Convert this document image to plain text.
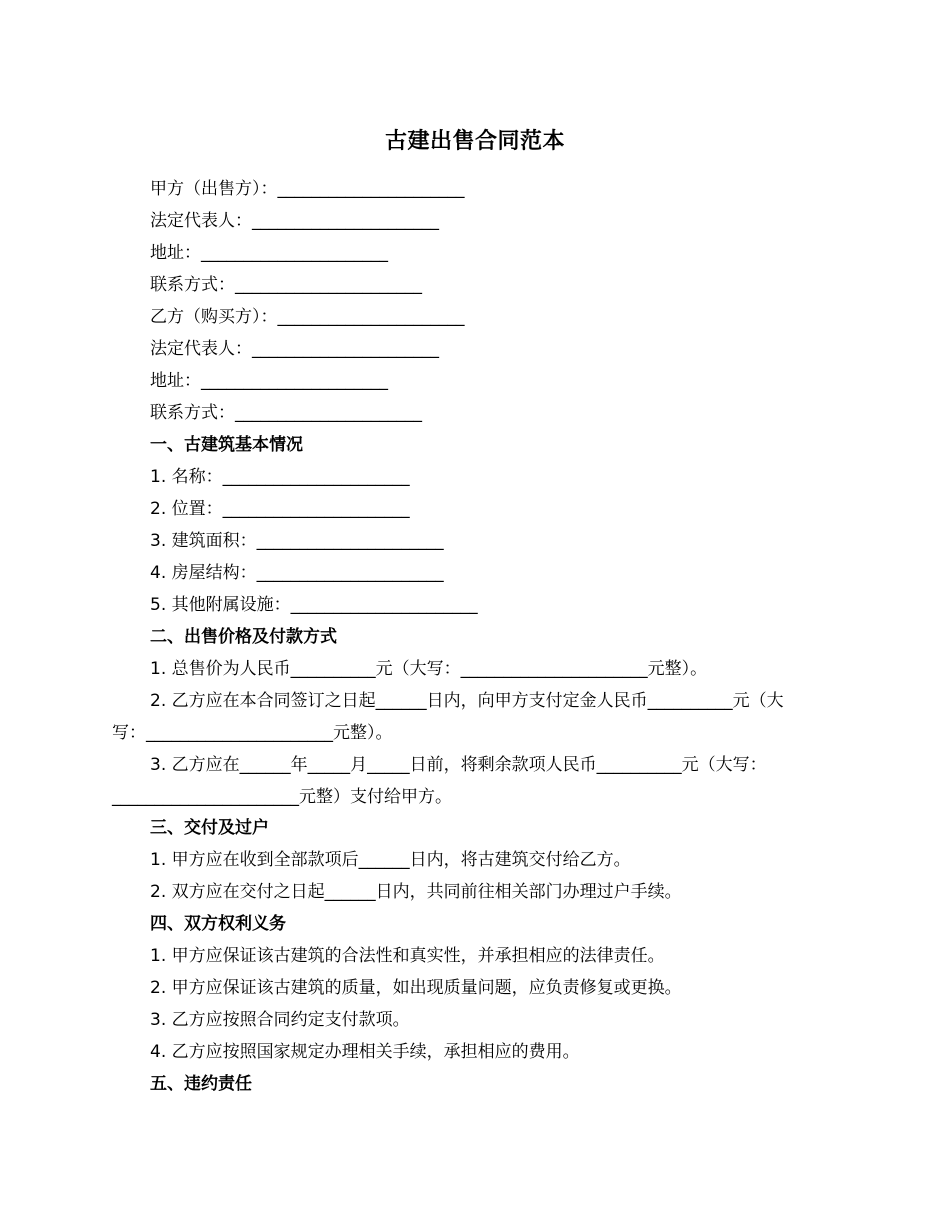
古建出售合同范本
甲方（出售方）：______________________
法定代表人：______________________
地址：______________________
联系方式：______________________
乙方（购买方）：______________________
法定代表人：______________________
地址：______________________
联系方式：______________________
一、古建筑基本情况
1. 名称：______________________
2. 位置：______________________
3. 建筑面积：______________________
4. 房屋结构：______________________
5. 其他附属设施：______________________
二、出售价格及付款方式
1. 总售价为人民币__________元（大写：______________________元整）。
2. 乙方应在本合同签订之日起______日内，向甲方支付定金人民币__________元（大
写：______________________元整）。
3. 乙方应在______年_____月_____日前，将剩余款项人民币__________元（大写：
______________________元整）支付给甲方。
三、交付及过户
1. 甲方应在收到全部款项后______日内，将古建筑交付给乙方。
2. 双方应在交付之日起______日内，共同前往相关部门办理过户手续。
四、双方权利义务
1. 甲方应保证该古建筑的合法性和真实性，并承担相应的法律责任。
2. 甲方应保证该古建筑的质量，如出现质量问题，应负责修复或更换。
3. 乙方应按照合同约定支付款项。
4. 乙方应按照国家规定办理相关手续，承担相应的费用。
五、违约责任
